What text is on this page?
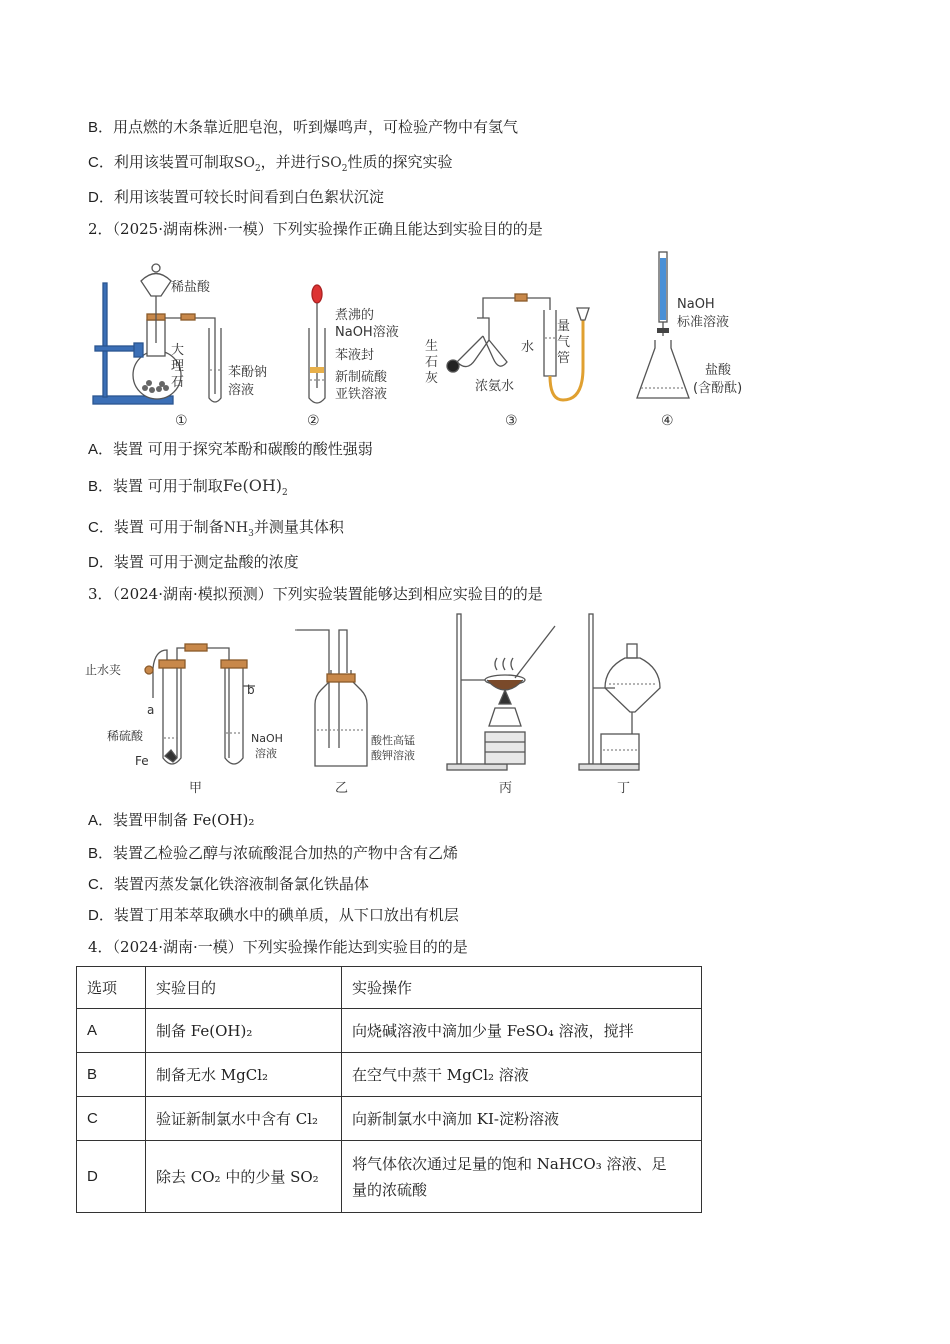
B．用点燃的木条靠近肥皂泡，听到爆鸣声，可检验产物中有氢气
C．利用该装置可制取$SO_2$，并进行$SO_2$性质的探究实验
D．利用该装置可较长时间看到白色絮状沉淀
2．（2025·湖南株洲·一模）下列实验操作正确且能达到实验目的的是
稀盐酸
大
理
石
苯酚钠
溶液
①
煮沸的
NaOH溶液
苯液封
新制硫酸
亚铁溶液
②
生
石
灰
浓氨水
水
量
气
管
③
NaOH
标准溶液
盐酸
(含酚酞)
④
A．装置 可用于探究苯酚和碳酸的酸性强弱
B．装置 可用于制取$Fe(OH)_2$
C．装置 可用于制备$NH_3$并测量其体积
D．装置 可用于测定盐酸的浓度
3．（2024·湖南·模拟预测）下列实验装置能够达到相应实验目的的是
止水夹
a
b
稀硫酸
Fe
NaOH
溶液
甲
酸性高锰
酸钾溶液
乙	丙	丁
A．装置甲制备 Fe(OH)₂
B．装置乙检验乙醇与浓硫酸混合加热的产物中含有乙烯
C．装置丙蒸发氯化铁溶液制备氯化铁晶体
D．装置丁用苯萃取碘水中的碘单质，从下口放出有机层
4．（2024·湖南·一模）下列实验操作能达到实验目的的是
选项	实验目的	实验操作
A	制备 Fe(OH)₂	向烧碱溶液中滴加少量 FeSO₄ 溶液，搅拌
B	制备无水 MgCl₂	在空气中蒸干 MgCl₂ 溶液
C	验证新制氯水中含有 Cl₂	向新制氯水中滴加 KI-淀粉溶液
D	除去 CO₂ 中的少量 SO₂	将气体依次通过足量的饱和 NaHCO₃ 溶液、足
量的浓硫酸
